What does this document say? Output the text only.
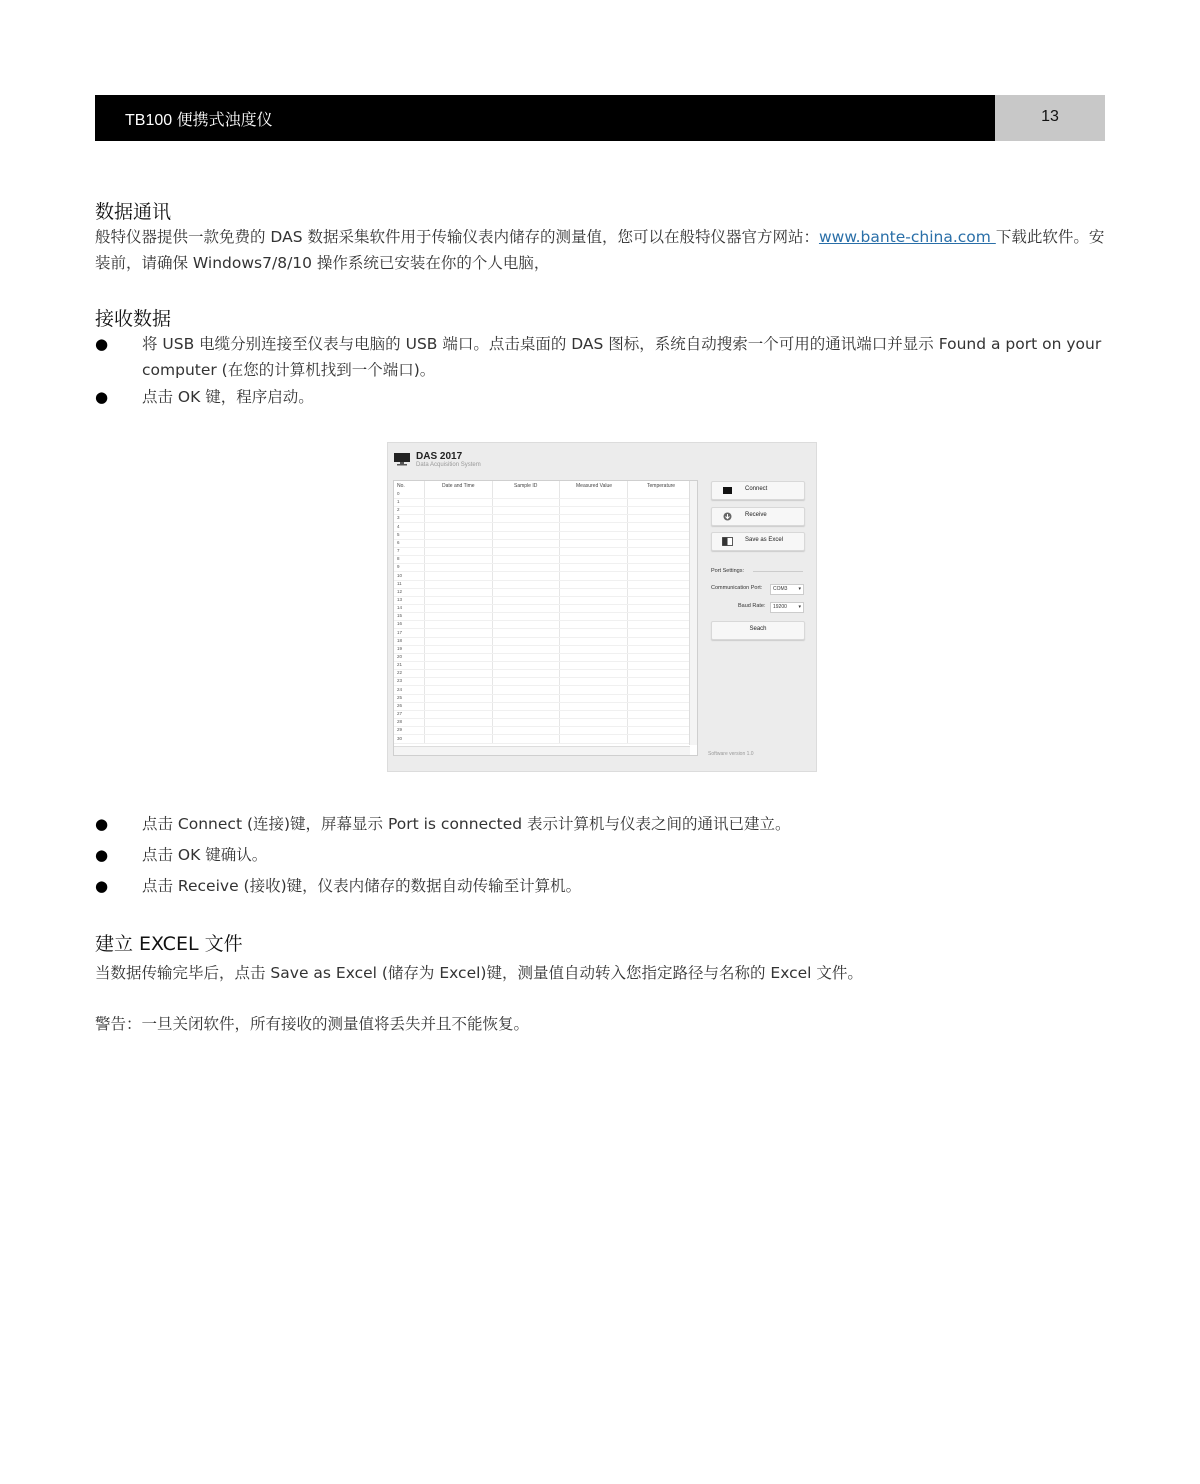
TB100 便携式浊度仪	13
数据通讯
般特仪器提供一款免费的 DAS 数据采集软件用于传输仪表内储存的测量值，您可以在般特仪器官方网站：www.bante-china.com 下载此软件。安装前，请确保 Windows7/8/10 操作系统已安装在你的个人电脑，
接收数据
● 将 USB 电缆分别连接至仪表与电脑的 USB 端口。点击桌面的 DAS 图标，系统自动搜索一个可用的通讯端口并显示 Found a port on your computer (在您的计算机找到一个端口)。
● 点击 OK 键，程序启动。
DAS 2017
Data Acquisition System
No.	Date and Time	Sample ID	Measured Value	Temperature
0
1
2
3
4
5
6
7
8
9
10
11
12
13
14
15
16
17
18
19
20
21
22
23
24
25
26
27
28
29
30
Connect
Receive
Save as Excel
Port Settings:
Communication Port: COM3 ▾
Baud Rate: 19200 ▾
Seach
Software version 1.0
● 点击 Connect (连接)键，屏幕显示 Port is connected 表示计算机与仪表之间的通讯已建立。
● 点击 OK 键确认。
● 点击 Receive (接收)键，仪表内储存的数据自动传输至计算机。
建立 EXCEL 文件
当数据传输完毕后，点击 Save as Excel (储存为 Excel)键，测量值自动转入您指定路径与名称的 Excel 文件。
警告：一旦关闭软件，所有接收的测量值将丢失并且不能恢复。
